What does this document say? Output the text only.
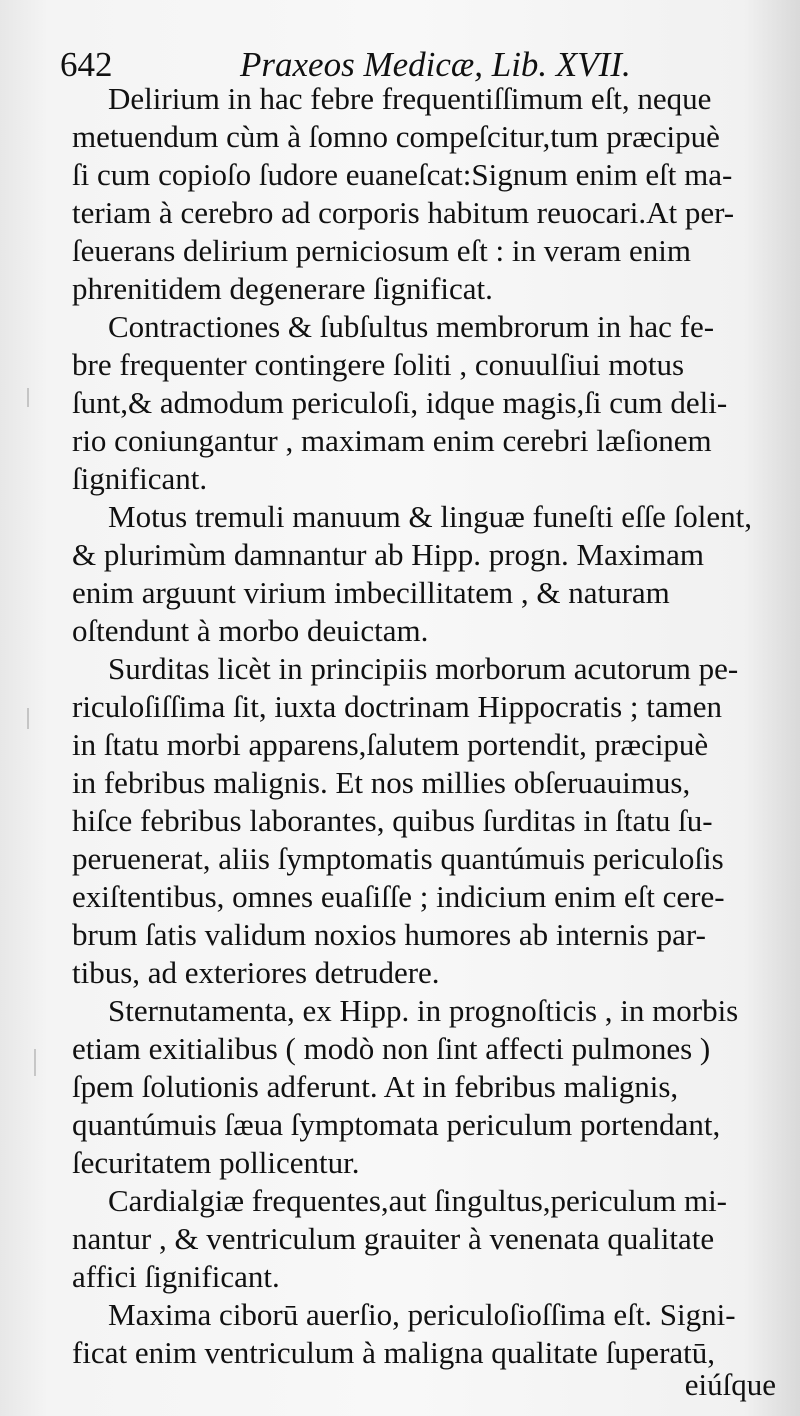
642	Praxeos Medicæ, Lib. XVII.
Delirium in hac febre frequentiſſimum eſt, neque
metuendum cùm à ſomno compeſcitur,tum præcipuè
ſi cum copioſo ſudore euaneſcat:Signum enim eſt ma-
teriam à cerebro ad corporis habitum reuocari.At per-
ſeuerans delirium perniciosum eſt : in veram enim
phrenitidem degenerare ſignificat.
Contractiones & ſubſultus membrorum in hac fe-
bre frequenter contingere ſoliti , conuulſiui motus
ſunt,& admodum periculoſi, idque magis,ſi cum deli-
rio coniungantur , maximam enim cerebri læſionem
ſignificant.
Motus tremuli manuum & linguæ funeſti eſſe ſolent,
& plurimùm damnantur ab Hipp. progn. Maximam
enim arguunt virium imbecillitatem , & naturam
oſtendunt à morbo deuictam.
Surditas licèt in principiis morborum acutorum pe-
riculoſiſſima ſit, iuxta doctrinam Hippocratis ; tamen
in ſtatu morbi apparens,ſalutem portendit, præcipuè
in febribus malignis. Et nos millies obſeruauimus,
hiſce febribus laborantes, quibus ſurditas in ſtatu ſu-
peruenerat, aliis ſymptomatis quantúmuis periculoſis
exiſtentibus, omnes euaſiſſe ; indicium enim eſt cere-
brum ſatis validum noxios humores ab internis par-
tibus, ad exteriores detrudere.
Sternutamenta, ex Hipp. in prognoſticis , in morbis
etiam exitialibus ( modò non ſint affecti pulmones )
ſpem ſolutionis adferunt. At in febribus malignis,
quantúmuis ſæua ſymptomata periculum portendant,
ſecuritatem pollicentur.
Cardialgiæ frequentes,aut ſingultus,periculum mi-
nantur , & ventriculum grauiter à venenata qualitate
affici ſignificant.
Maxima ciborū auerſio, periculoſioſſima eſt. Signi-
ficat enim ventriculum à maligna qualitate ſuperatū,
eiúſque
